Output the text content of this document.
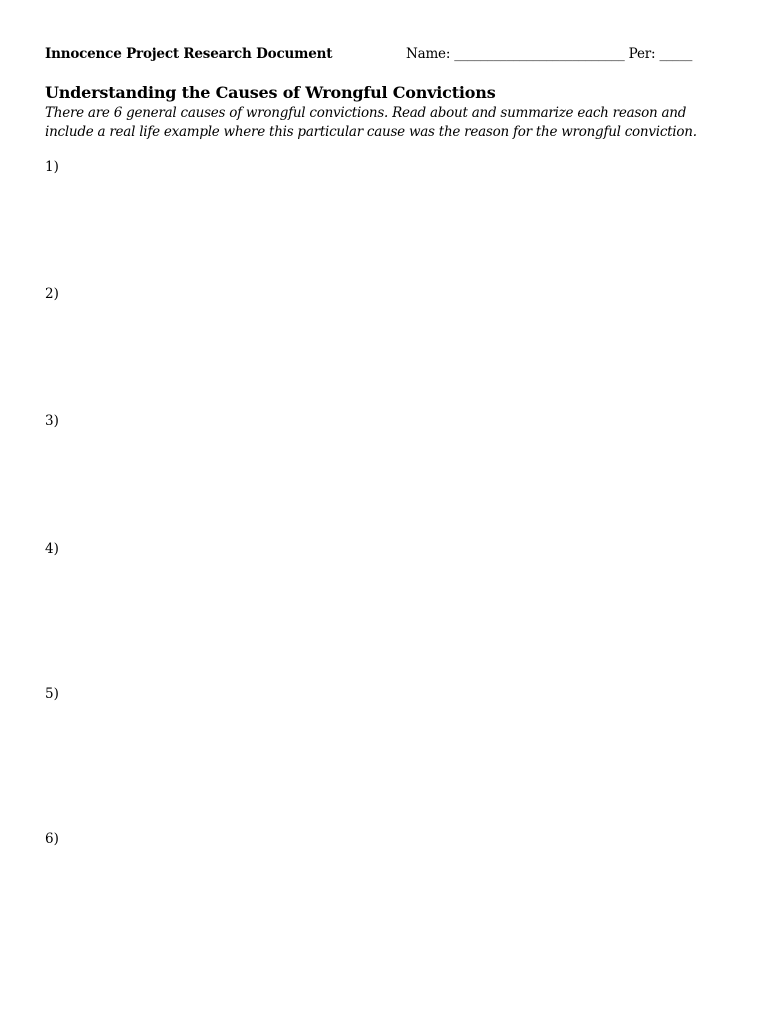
Innocence Project Research Document	Name: __________________________ Per: _____
Understanding the Causes of Wrongful Convictions
There are 6 general causes of wrongful convictions. Read about and summarize each reason and include a real life example where this particular cause was the reason for the wrongful conviction.
1)
2)
3)
4)
5)
6)
